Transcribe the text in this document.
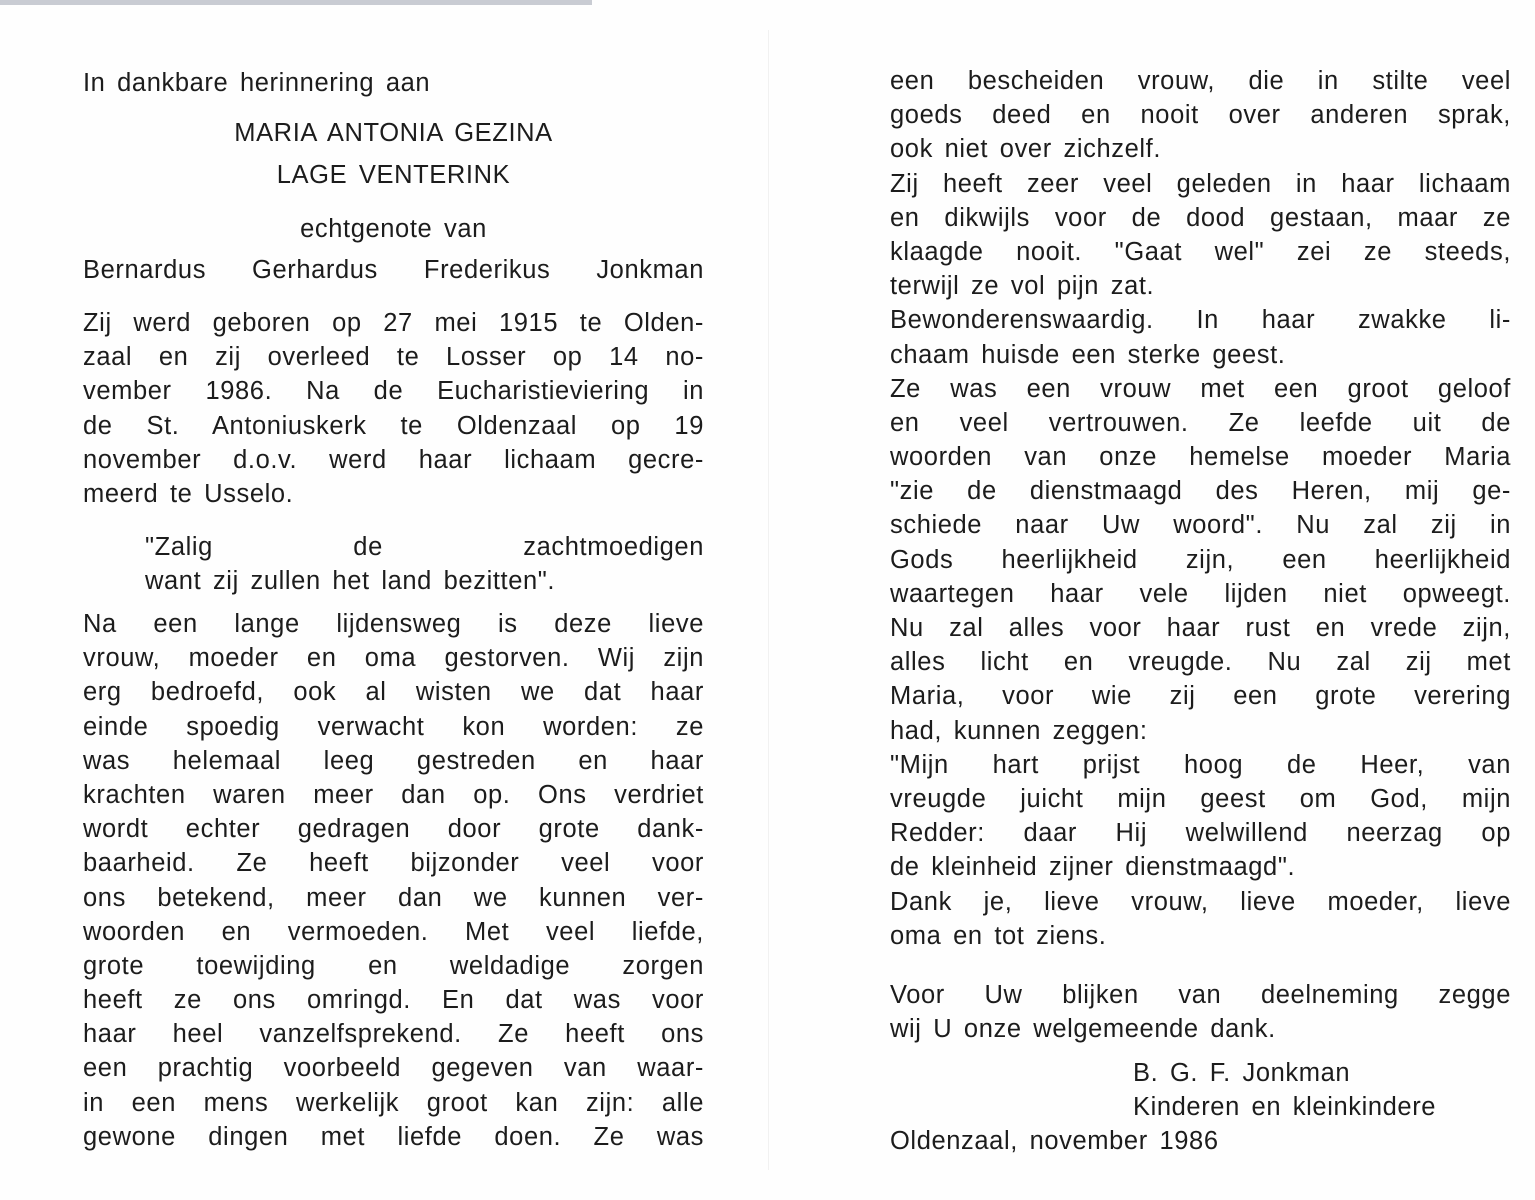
In dankbare herinnering aan
MARIA ANTONIA GEZINA
LAGE VENTERINK
echtgenote van
Bernardus Gerhardus Frederikus Jonkman
Zij werd geboren op 27 mei 1915 te Olden-
zaal en zij overleed te Losser op 14 no-
vember 1986. Na de Eucharistieviering in
de St. Antoniuskerk te Oldenzaal op 19
november d.o.v. werd haar lichaam gecre-
meerd te Usselo.
"Zalig de zachtmoedigen
want zij zullen het land bezitten".
Na een lange lijdensweg is deze lieve
vrouw, moeder en oma gestorven. Wij zijn
erg bedroefd, ook al wisten we dat haar
einde spoedig verwacht kon worden: ze
was helemaal leeg gestreden en haar
krachten waren meer dan op. Ons verdriet
wordt echter gedragen door grote dank-
baarheid. Ze heeft bijzonder veel voor
ons betekend, meer dan we kunnen ver-
woorden en vermoeden. Met veel liefde,
grote toewijding en weldadige zorgen
heeft ze ons omringd. En dat was voor
haar heel vanzelfsprekend. Ze heeft ons
een prachtig voorbeeld gegeven van waar-
in een mens werkelijk groot kan zijn: alle
gewone dingen met liefde doen. Ze was
een bescheiden vrouw, die in stilte veel
goeds deed en nooit over anderen sprak,
ook niet over zichzelf.
Zij heeft zeer veel geleden in haar lichaam
en dikwijls voor de dood gestaan, maar ze
klaagde nooit. "Gaat wel" zei ze steeds,
terwijl ze vol pijn zat.
Bewonderenswaardig. In haar zwakke li-
chaam huisde een sterke geest.
Ze was een vrouw met een groot geloof
en veel vertrouwen. Ze leefde uit de
woorden van onze hemelse moeder Maria
"zie de dienstmaagd des Heren, mij ge-
schiede naar Uw woord". Nu zal zij in
Gods heerlijkheid zijn, een heerlijkheid
waartegen haar vele lijden niet opweegt.
Nu zal alles voor haar rust en vrede zijn,
alles licht en vreugde. Nu zal zij met
Maria, voor wie zij een grote verering
had, kunnen zeggen:
"Mijn hart prijst hoog de Heer, van
vreugde juicht mijn geest om God, mijn
Redder: daar Hij welwillend neerzag op
de kleinheid zijner dienstmaagd".
Dank je, lieve vrouw, lieve moeder, lieve
oma en tot ziens.
Voor Uw blijken van deelneming zegge
wij U onze welgemeende dank.
B. G. F. Jonkman
Kinderen en kleinkindere
Oldenzaal, november 1986
